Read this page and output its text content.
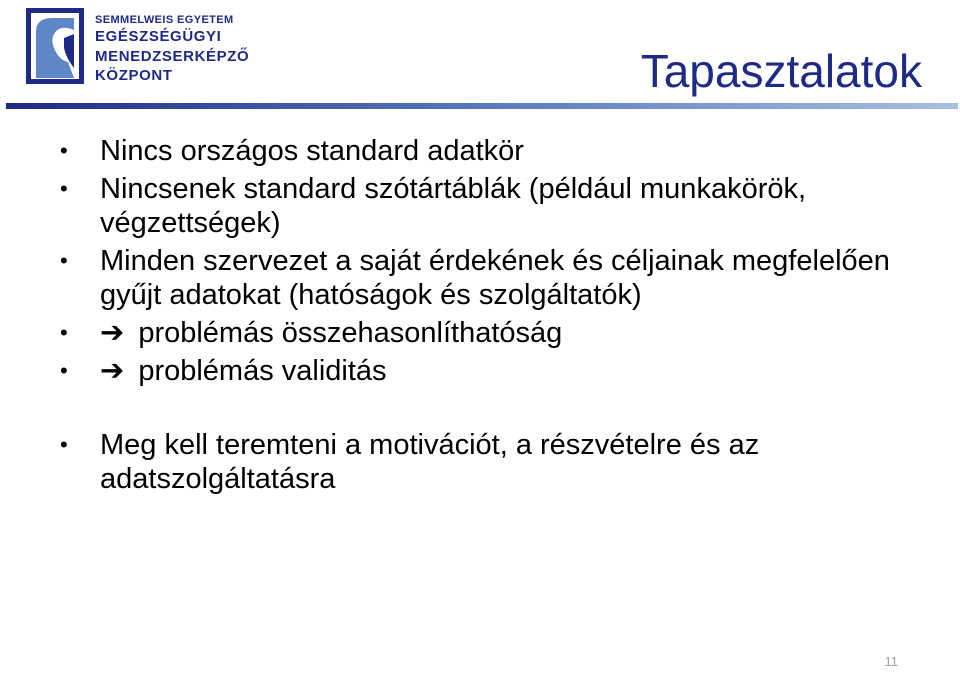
SEMMELWEIS EGYETEM
EGÉSZSÉGÜGYI
MENEDZSERKÉPZŐ
KÖZPONT	Tapasztalatok
• Nincs országos standard adatkör
• Nincsenek standard szótártáblák (például munkakörök, végzettségek)
• Minden szervezet a saját érdekének és céljainak megfelelően gyűjt adatokat (hatóságok és szolgáltatók)
• ➔ problémás összehasonlíthatóság
• ➔ problémás validitás
• Meg kell teremteni a motivációt, a részvételre és az adatszolgáltatásra
11
